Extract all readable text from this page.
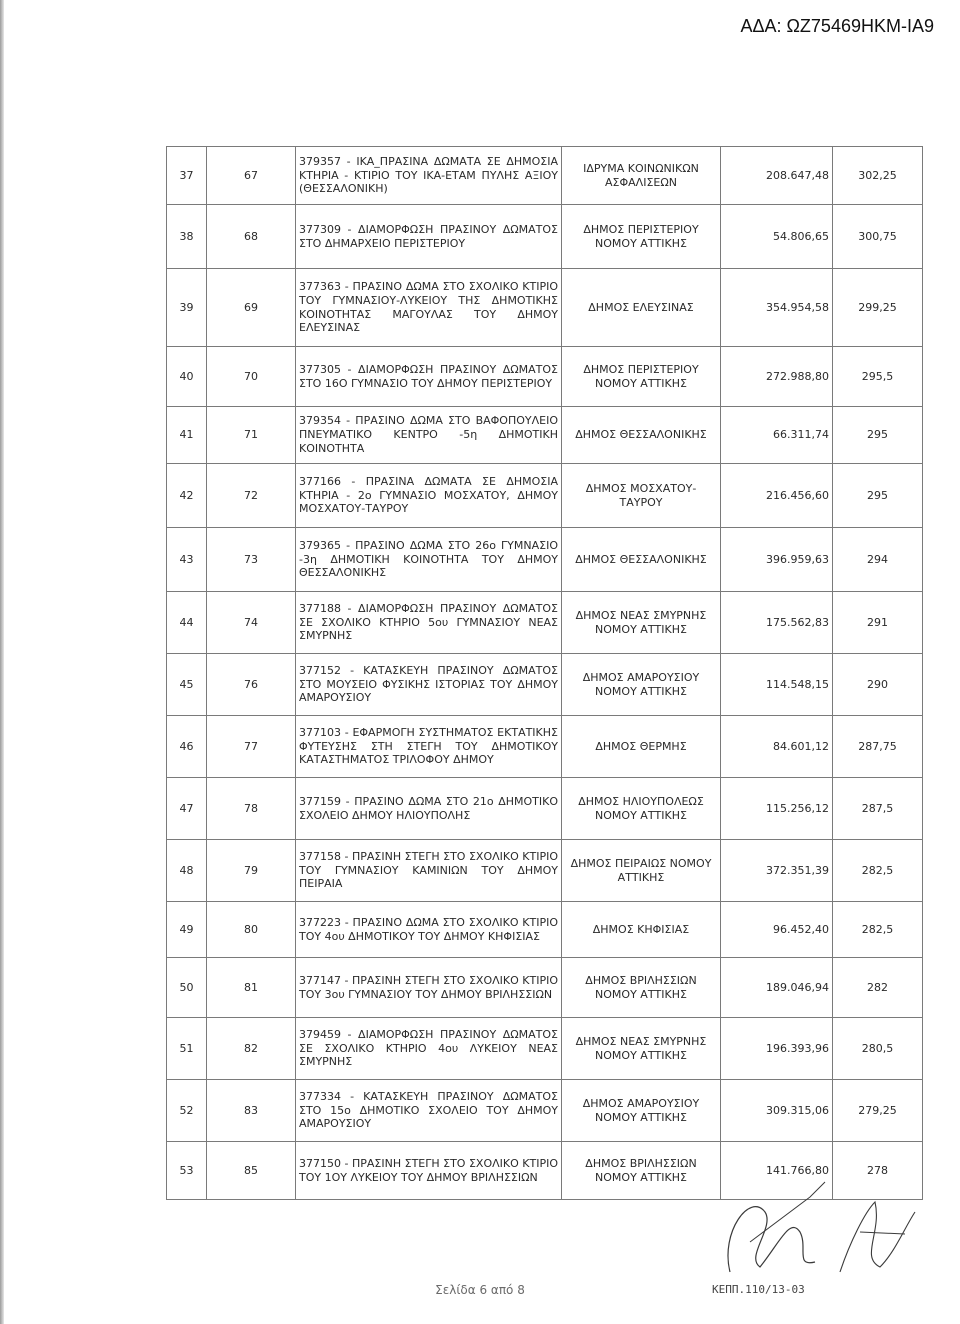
ΑΔΑ: ΩΖ75469ΗΚΜ-ΙΑ9
37	67	379357 - ΙΚΑ_ΠΡΑΣΙΝΑ ΔΩΜΑΤΑ ΣΕ ΔΗΜΟΣΙΑ ΚΤΗΡΙΑ - ΚΤΙΡΙΟ ΤΟΥ ΙΚΑ-ΕΤΑΜ ΠΥΛΗΣ ΑΞΙΟΥ (ΘΕΣΣΑΛΟΝΙΚΗ)	ΙΔΡΥΜΑ ΚΟΙΝΩΝΙΚΩΝ ΑΣΦΑΛΙΣΕΩΝ	208.647,48	302,25
38	68	377309 - ΔΙΑΜΟΡΦΩΣΗ ΠΡΑΣΙΝΟΥ ΔΩΜΑΤΟΣ ΣΤΟ ΔΗΜΑΡΧΕΙΟ ΠΕΡΙΣΤΕΡΙΟΥ	ΔΗΜΟΣ ΠΕΡΙΣΤΕΡΙΟΥ ΝΟΜΟΥ ΑΤΤΙΚΗΣ	54.806,65	300,75
39	69	377363 - ΠΡΑΣΙΝΟ ΔΩΜΑ ΣΤΟ ΣΧΟΛΙΚΟ ΚΤΙΡΙΟ ΤΟΥ ΓΥΜΝΑΣΙΟΥ-ΛΥΚΕΙΟΥ ΤΗΣ ΔΗΜΟΤΙΚΗΣ ΚΟΙΝΟΤΗΤΑΣ ΜΑΓΟΥΛΑΣ ΤΟΥ ΔΗΜΟΥ ΕΛΕΥΣΙΝΑΣ	ΔΗΜΟΣ ΕΛΕΥΣΙΝΑΣ	354.954,58	299,25
40	70	377305 - ΔΙΑΜΟΡΦΩΣΗ ΠΡΑΣΙΝΟΥ ΔΩΜΑΤΟΣ ΣΤΟ 16Ο ΓΥΜΝΑΣΙΟ ΤΟΥ ΔΗΜΟΥ ΠΕΡΙΣΤΕΡΙΟΥ	ΔΗΜΟΣ ΠΕΡΙΣΤΕΡΙΟΥ ΝΟΜΟΥ ΑΤΤΙΚΗΣ	272.988,80	295,5
41	71	379354 - ΠΡΑΣΙΝΟ ΔΩΜΑ ΣΤΟ ΒΑΦΟΠΟΥΛΕΙΟ ΠΝΕΥΜΑΤΙΚΟ ΚΕΝΤΡΟ -5η ΔΗΜΟΤΙΚΗ ΚΟΙΝΟΤΗΤΑ	ΔΗΜΟΣ ΘΕΣΣΑΛΟΝΙΚΗΣ	66.311,74	295
42	72	377166 - ΠΡΑΣΙΝΑ ΔΩΜΑΤΑ ΣΕ ΔΗΜΟΣΙΑ ΚΤΗΡΙΑ - 2ο ΓΥΜΝΑΣΙΟ ΜΟΣΧΑΤΟΥ, ΔΗΜΟΥ ΜΟΣΧΑΤΟΥ-ΤΑΥΡΟΥ	ΔΗΜΟΣ ΜΟΣΧΑΤΟΥ-ΤΑΥΡΟΥ	216.456,60	295
43	73	379365 - ΠΡΑΣΙΝΟ ΔΩΜΑ ΣΤΟ 26ο ΓΥΜΝΑΣΙΟ -3η ΔΗΜΟΤΙΚΗ ΚΟΙΝΟΤΗΤΑ ΤΟΥ ΔΗΜΟΥ ΘΕΣΣΑΛΟΝΙΚΗΣ	ΔΗΜΟΣ ΘΕΣΣΑΛΟΝΙΚΗΣ	396.959,63	294
44	74	377188 - ΔΙΑΜΟΡΦΩΣΗ ΠΡΑΣΙΝΟΥ ΔΩΜΑΤΟΣ ΣΕ ΣΧΟΛΙΚΟ ΚΤΗΡΙΟ 5ου ΓΥΜΝΑΣΙΟΥ ΝΕΑΣ ΣΜΥΡΝΗΣ	ΔΗΜΟΣ ΝΕΑΣ ΣΜΥΡΝΗΣ ΝΟΜΟΥ ΑΤΤΙΚΗΣ	175.562,83	291
45	76	377152 - ΚΑΤΑΣΚΕΥΗ ΠΡΑΣΙΝΟΥ ΔΩΜΑΤΟΣ ΣΤΟ ΜΟΥΣΕΙΟ ΦΥΣΙΚΗΣ ΙΣΤΟΡΙΑΣ ΤΟΥ ΔΗΜΟΥ ΑΜΑΡΟΥΣΙΟΥ	ΔΗΜΟΣ ΑΜΑΡΟΥΣΙΟΥ ΝΟΜΟΥ ΑΤΤΙΚΗΣ	114.548,15	290
46	77	377103 - ΕΦΑΡΜΟΓΗ ΣΥΣΤΗΜΑΤΟΣ ΕΚΤΑΤΙΚΗΣ ΦΥΤΕΥΣΗΣ ΣΤΗ ΣΤΕΓΗ ΤΟΥ ΔΗΜΟΤΙΚΟΥ ΚΑΤΑΣΤΗΜΑΤΟΣ ΤΡΙΛΟΦΟΥ ΔΗΜΟΥ	ΔΗΜΟΣ ΘΕΡΜΗΣ	84.601,12	287,75
47	78	377159 - ΠΡΑΣΙΝΟ ΔΩΜΑ ΣΤΟ 21ο ΔΗΜΟΤΙΚΟ ΣΧΟΛΕΙΟ ΔΗΜΟΥ ΗΛΙΟΥΠΟΛΗΣ	ΔΗΜΟΣ ΗΛΙΟΥΠΟΛΕΩΣ ΝΟΜΟΥ ΑΤΤΙΚΗΣ	115.256,12	287,5
48	79	377158 - ΠΡΑΣΙΝΗ ΣΤΕΓΗ ΣΤΟ ΣΧΟΛΙΚΟ ΚΤΙΡΙΟ ΤΟΥ ΓΥΜΝΑΣΙΟΥ ΚΑΜΙΝΙΩΝ ΤΟΥ ΔΗΜΟΥ ΠΕΙΡΑΙΑ	ΔΗΜΟΣ ΠΕΙΡΑΙΩΣ ΝΟΜΟΥ ΑΤΤΙΚΗΣ	372.351,39	282,5
49	80	377223 - ΠΡΑΣΙΝΟ ΔΩΜΑ ΣΤΟ ΣΧΟΛΙΚΟ ΚΤΙΡΙΟ ΤΟΥ 4ου ΔΗΜΟΤΙΚΟΥ ΤΟΥ ΔΗΜΟΥ ΚΗΦΙΣΙΑΣ	ΔΗΜΟΣ ΚΗΦΙΣΙΑΣ	96.452,40	282,5
50	81	377147 - ΠΡΑΣΙΝΗ ΣΤΕΓΗ ΣΤΟ ΣΧΟΛΙΚΟ ΚΤΙΡΙΟ ΤΟΥ 3ου ΓΥΜΝΑΣΙΟΥ ΤΟΥ ΔΗΜΟΥ ΒΡΙΛΗΣΣΙΩΝ	ΔΗΜΟΣ ΒΡΙΛΗΣΣΙΩΝ ΝΟΜΟΥ ΑΤΤΙΚΗΣ	189.046,94	282
51	82	379459 - ΔΙΑΜΟΡΦΩΣΗ ΠΡΑΣΙΝΟΥ ΔΩΜΑΤΟΣ ΣΕ ΣΧΟΛΙΚΟ ΚΤΗΡΙΟ 4ου ΛΥΚΕΙΟΥ ΝΕΑΣ ΣΜΥΡΝΗΣ	ΔΗΜΟΣ ΝΕΑΣ ΣΜΥΡΝΗΣ ΝΟΜΟΥ ΑΤΤΙΚΗΣ	196.393,96	280,5
52	83	377334 - ΚΑΤΑΣΚΕΥΗ ΠΡΑΣΙΝΟΥ ΔΩΜΑΤΟΣ ΣΤΟ 15ο ΔΗΜΟΤΙΚΟ ΣΧΟΛΕΙΟ ΤΟΥ ΔΗΜΟΥ ΑΜΑΡΟΥΣΙΟΥ	ΔΗΜΟΣ ΑΜΑΡΟΥΣΙΟΥ ΝΟΜΟΥ ΑΤΤΙΚΗΣ	309.315,06	279,25
53	85	377150 - ΠΡΑΣΙΝΗ ΣΤΕΓΗ ΣΤΟ ΣΧΟΛΙΚΟ ΚΤΙΡΙΟ ΤΟΥ 1ΟΥ ΛΥΚΕΙΟΥ ΤΟΥ ΔΗΜΟΥ ΒΡΙΛΗΣΣΙΩΝ	ΔΗΜΟΣ ΒΡΙΛΗΣΣΙΩΝ ΝΟΜΟΥ ΑΤΤΙΚΗΣ	141.766,80	278
Σελίδα 6 από 8	ΚΕΠΠ.110/13-03
